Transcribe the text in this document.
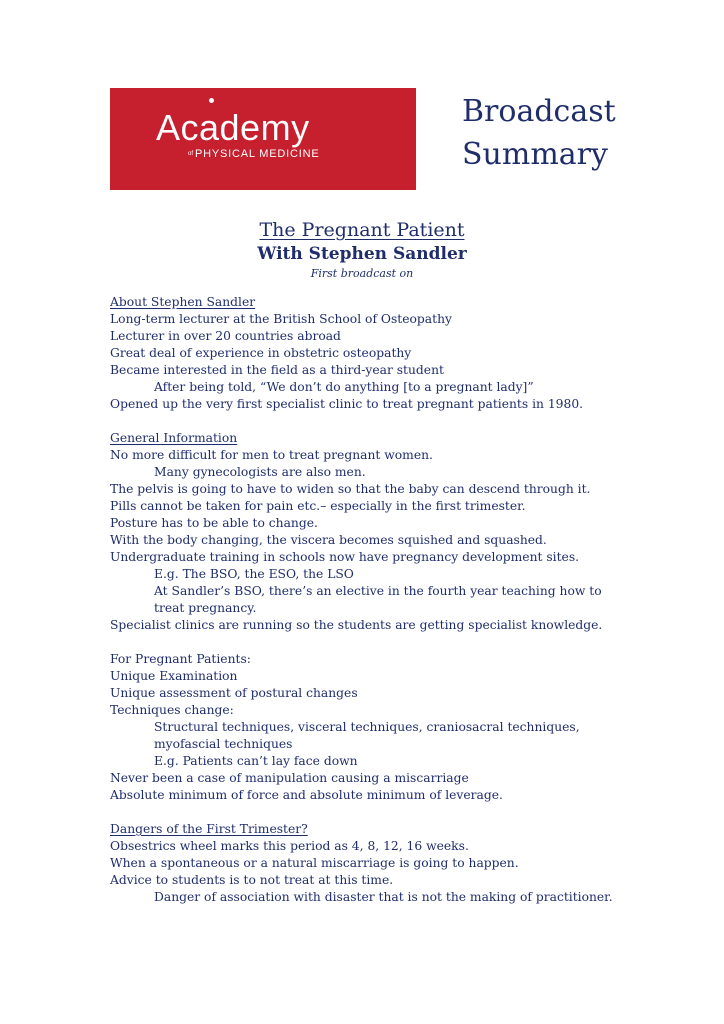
Academy
of PHYSICAL MEDICINE
Broadcast Summary
The Pregnant Patient
With Stephen Sandler
First broadcast on
About Stephen Sandler
Long-term lecturer at the British School of Osteopathy
Lecturer in over 20 countries abroad
Great deal of experience in obstetric osteopathy
Became interested in the field as a third-year student
After being told, “We don’t do anything [to a pregnant lady]”
Opened up the very first specialist clinic to treat pregnant patients in 1980.
General Information
No more difficult for men to treat pregnant women.
Many gynecologists are also men.
The pelvis is going to have to widen so that the baby can descend through it.
Pills cannot be taken for pain etc.– especially in the first trimester.
Posture has to be able to change.
With the body changing, the viscera becomes squished and squashed.
Undergraduate training in schools now have pregnancy development sites.
E.g. The BSO, the ESO, the LSO
At Sandler’s BSO, there’s an elective in the fourth year teaching how to
treat pregnancy.
Specialist clinics are running so the students are getting specialist knowledge.
For Pregnant Patients:
Unique Examination
Unique assessment of postural changes
Techniques change:
Structural techniques, visceral techniques, craniosacral techniques,
myofascial techniques
E.g. Patients can’t lay face down
Never been a case of manipulation causing a miscarriage
Absolute minimum of force and absolute minimum of leverage.
Dangers of the First Trimester?
Obsestrics wheel marks this period as 4, 8, 12, 16 weeks.
When a spontaneous or a natural miscarriage is going to happen.
Advice to students is to not treat at this time.
Danger of association with disaster that is not the making of practitioner.
